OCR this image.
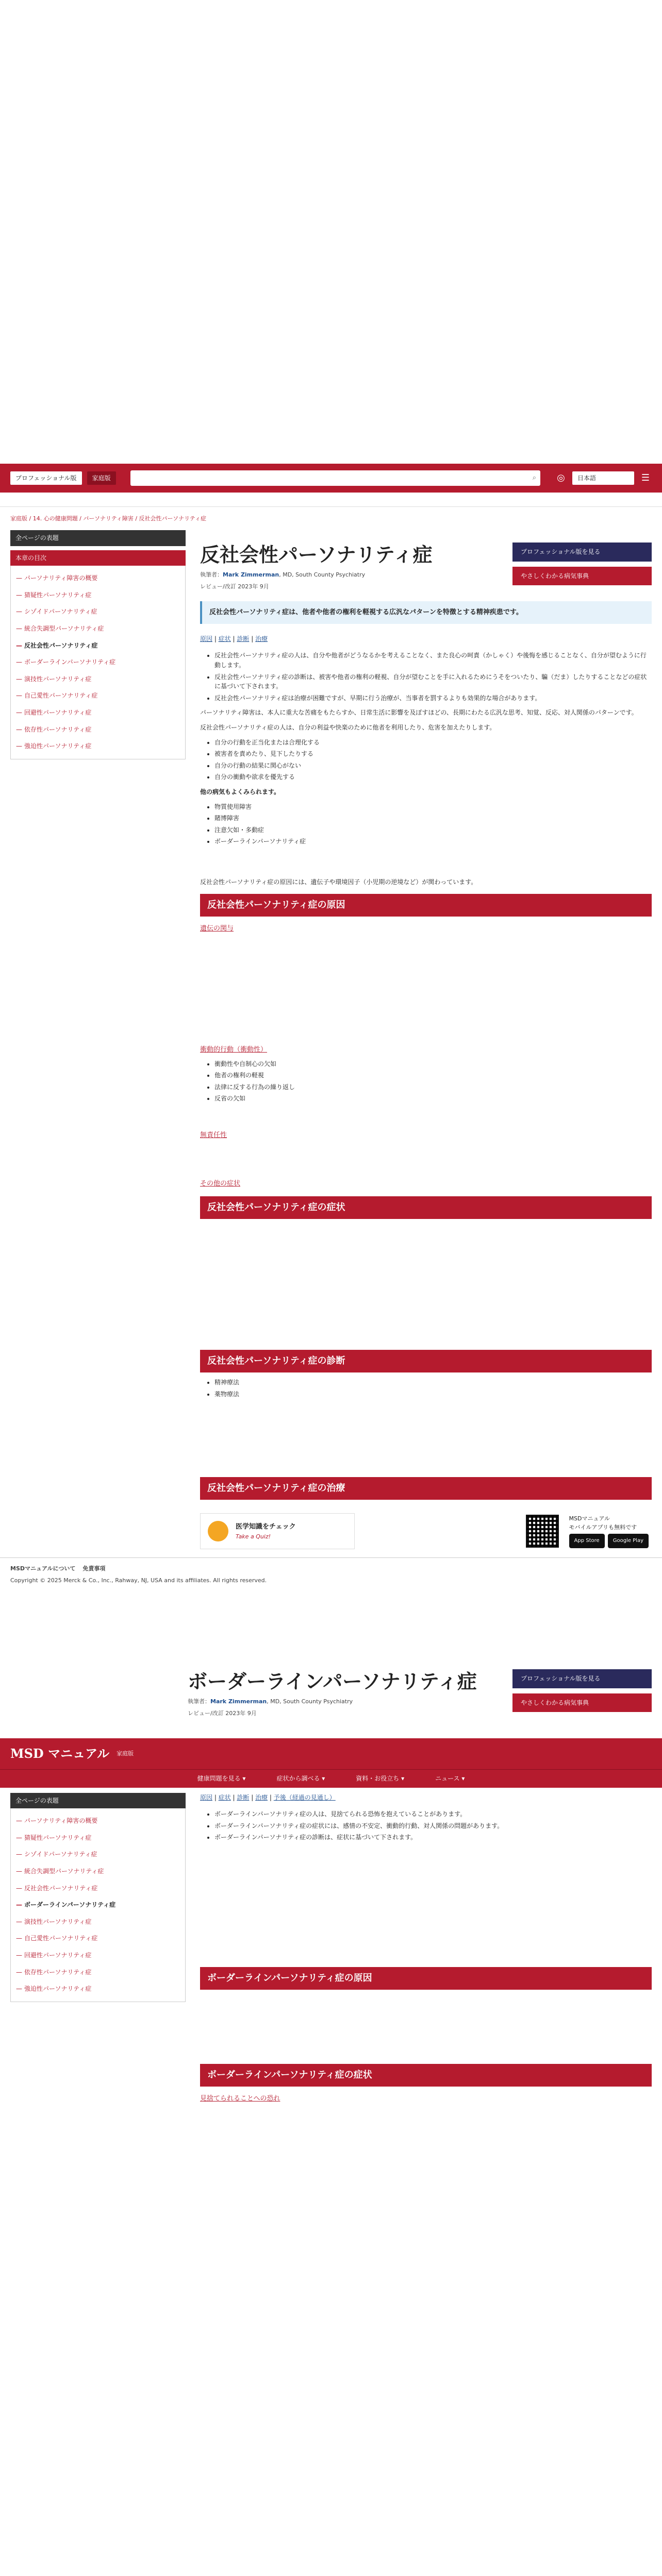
プロフェッショナル版	家庭版	⌕ ◎	日本語	☰
家庭版 / 14. 心の健康問題 / パーソナリティ障害 / 反社会性パーソナリティ症
全ページの表題
本章の目次
— パーソナリティ障害の概要
— 猜疑性パーソナリティ症
— シゾイドパーソナリティ症
— 統合失調型パーソナリティ症
— 反社会性パーソナリティ症
— ボーダーラインパーソナリティ症
— 演技性パーソナリティ症
— 自己愛性パーソナリティ症
— 回避性パーソナリティ症
— 依存性パーソナリティ症
— 強迫性パーソナリティ症
反社会性パーソナリティ症
執筆者：Mark Zimmerman, MD, South County Psychiatry
レビュー/改訂 2023年 9月
プロフェッショナル版を見る
やさしくわかる病気事典
反社会性パーソナリティ症は、他者や他者の権利を軽視する広汎なパターンを特徴とする精神疾患です。
原因 | 症状 | 診断 | 治療
• 反社会性パーソナリティ症の人は、自分や他者がどうなるかを考えることなく、また良心の呵責（かしゃく）や後悔を感じることなく、自分が望むように行動します。
• 反社会性パーソナリティ症の診断は、被害や他者の権利の軽視、自分が望むことを手に入れるためにうそをついたり、騙（だま）したりすることなどの症状に基づいて下されます。
• 反社会性パーソナリティ症は治療が困難ですが、早期に行う治療が、当事者を罰するよりも効果的な場合があります。

パーソナリティ障害は、本人に重大な苦痛をもたらすか、日常生活に影響を及ぼすほどの、長期にわたる広汎な思考、知覚、反応、対人関係のパターンです。

反社会性パーソナリティ症の人は、自分の利益や快楽のために他者を利用したり、危害を加えたりします。

• 自分の行動を正当化または合理化する
• 被害者を責めたり、見下したりする
• 自分の行動の結果に関心がない
• 自分の衝動や欲求を優先する

他の病気もよくみられます。

• 物質使用障害
• 賭博障害
• 注意欠如・多動症
• ボーダーラインパーソナリティ症

反社会性パーソナリティ症の原因には、遺伝子や環境因子（小児期の逆境など）が関わっています。

反社会性パーソナリティ症の原因
遺伝の関与
衝動的行動（衝動性）
• 衝動性や自制心の欠如
• 他者の権利の軽視
• 法律に反する行為の繰り返し
• 反省の欠如
無責任性
その他の症状
反社会性パーソナリティ症の症状
反社会性パーソナリティ症の診断
• 精神療法
• 薬物療法
反社会性パーソナリティ症の治療
医学知識をチェック
Take a Quiz!
MSDマニュアル
モバイルアプリも無料です
App Store	Google Play
MSDマニュアルについて 免責事項
Copyright © 2025 Merck & Co., Inc., Rahway, NJ, USA and its affiliates. All rights reserved.
ボーダーラインパーソナリティ症
執筆者：Mark Zimmerman, MD, South County Psychiatry
レビュー/改訂 2023年 9月
プロフェッショナル版を見る
やさしくわかる病気事典
MSD マニュアル 家庭版
健康問題を見る ▾	症状から調べる ▾	資料・お役立ち ▾	ニュース ▾
全ページの表題
— パーソナリティ障害の概要
— 猜疑性パーソナリティ症
— シゾイドパーソナリティ症
— 統合失調型パーソナリティ症
— 反社会性パーソナリティ症
— ボーダーラインパーソナリティ症
— 演技性パーソナリティ症
— 自己愛性パーソナリティ症
— 回避性パーソナリティ症
— 依存性パーソナリティ症
— 強迫性パーソナリティ症
原因 | 症状 | 診断 | 治療 | 予後（経過の見通し）
• ボーダーラインパーソナリティ症の人は、見捨てられる恐怖を抱えていることがあります。
• ボーダーラインパーソナリティ症の症状には、感情の不安定、衝動的行動、対人関係の問題があります。
• ボーダーラインパーソナリティ症の診断は、症状に基づいて下されます。
ボーダーラインパーソナリティ症の原因
ボーダーラインパーソナリティ症の症状
見捨てられることへの恐れ
